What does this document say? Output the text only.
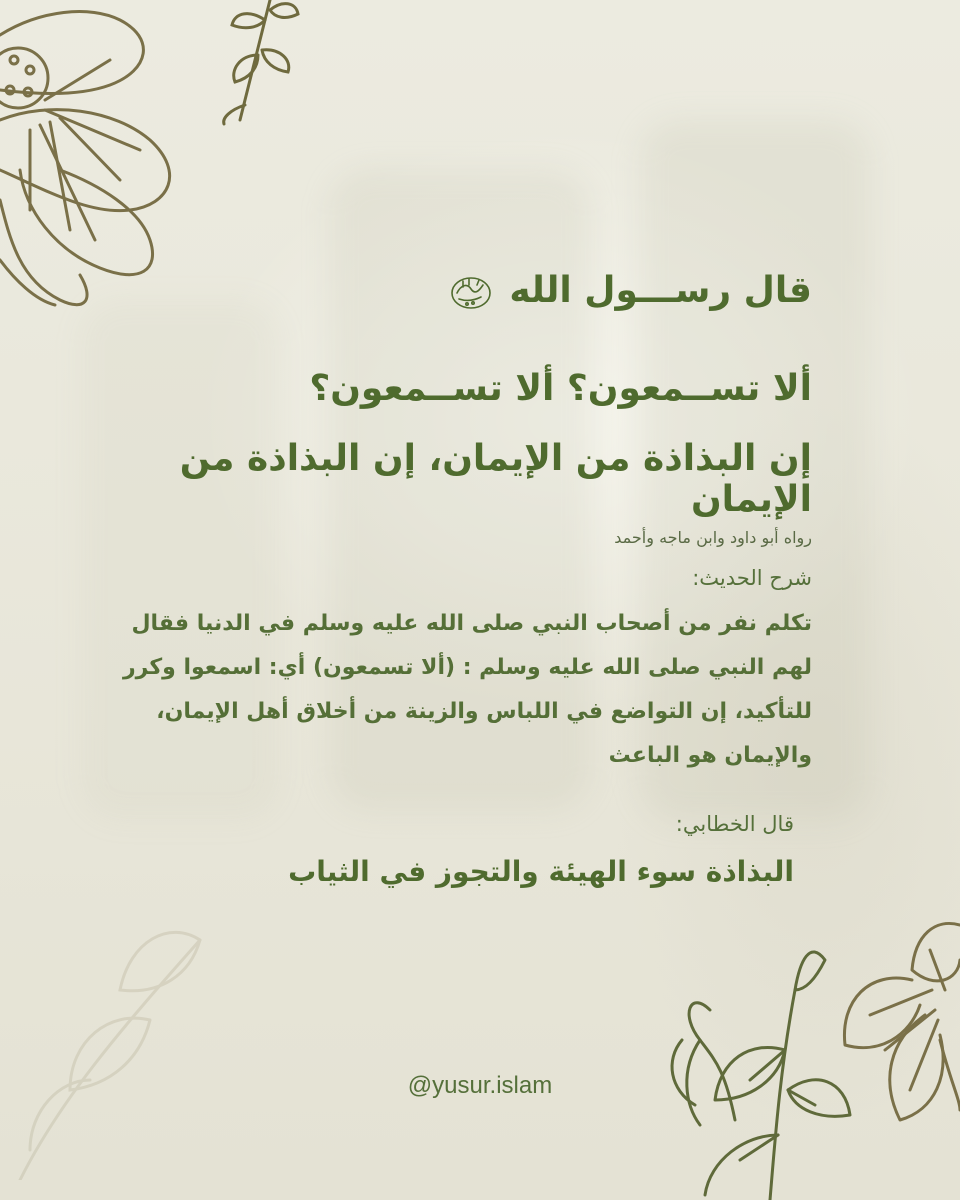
قال رســـول الله
ألا تســمعون؟ ألا تســمعون؟
إن البذاذة من الإيمان، إن البذاذة من الإيمان
رواه أبو داود وابن ماجه وأحمد
شرح الحديث:
تكلم نفر من أصحاب النبي صلى الله عليه وسلم في الدنيا فقال لهم النبي صلى الله عليه وسلم : (ألا تسمعون) أي: اسمعوا وكرر للتأكيد، إن التواضع في اللباس والزينة من أخلاق أهل الإيمان، والإيمان هو الباعث
قال الخطابي:
البذاذة سوء الهيئة والتجوز في الثياب
@yusur.islam
